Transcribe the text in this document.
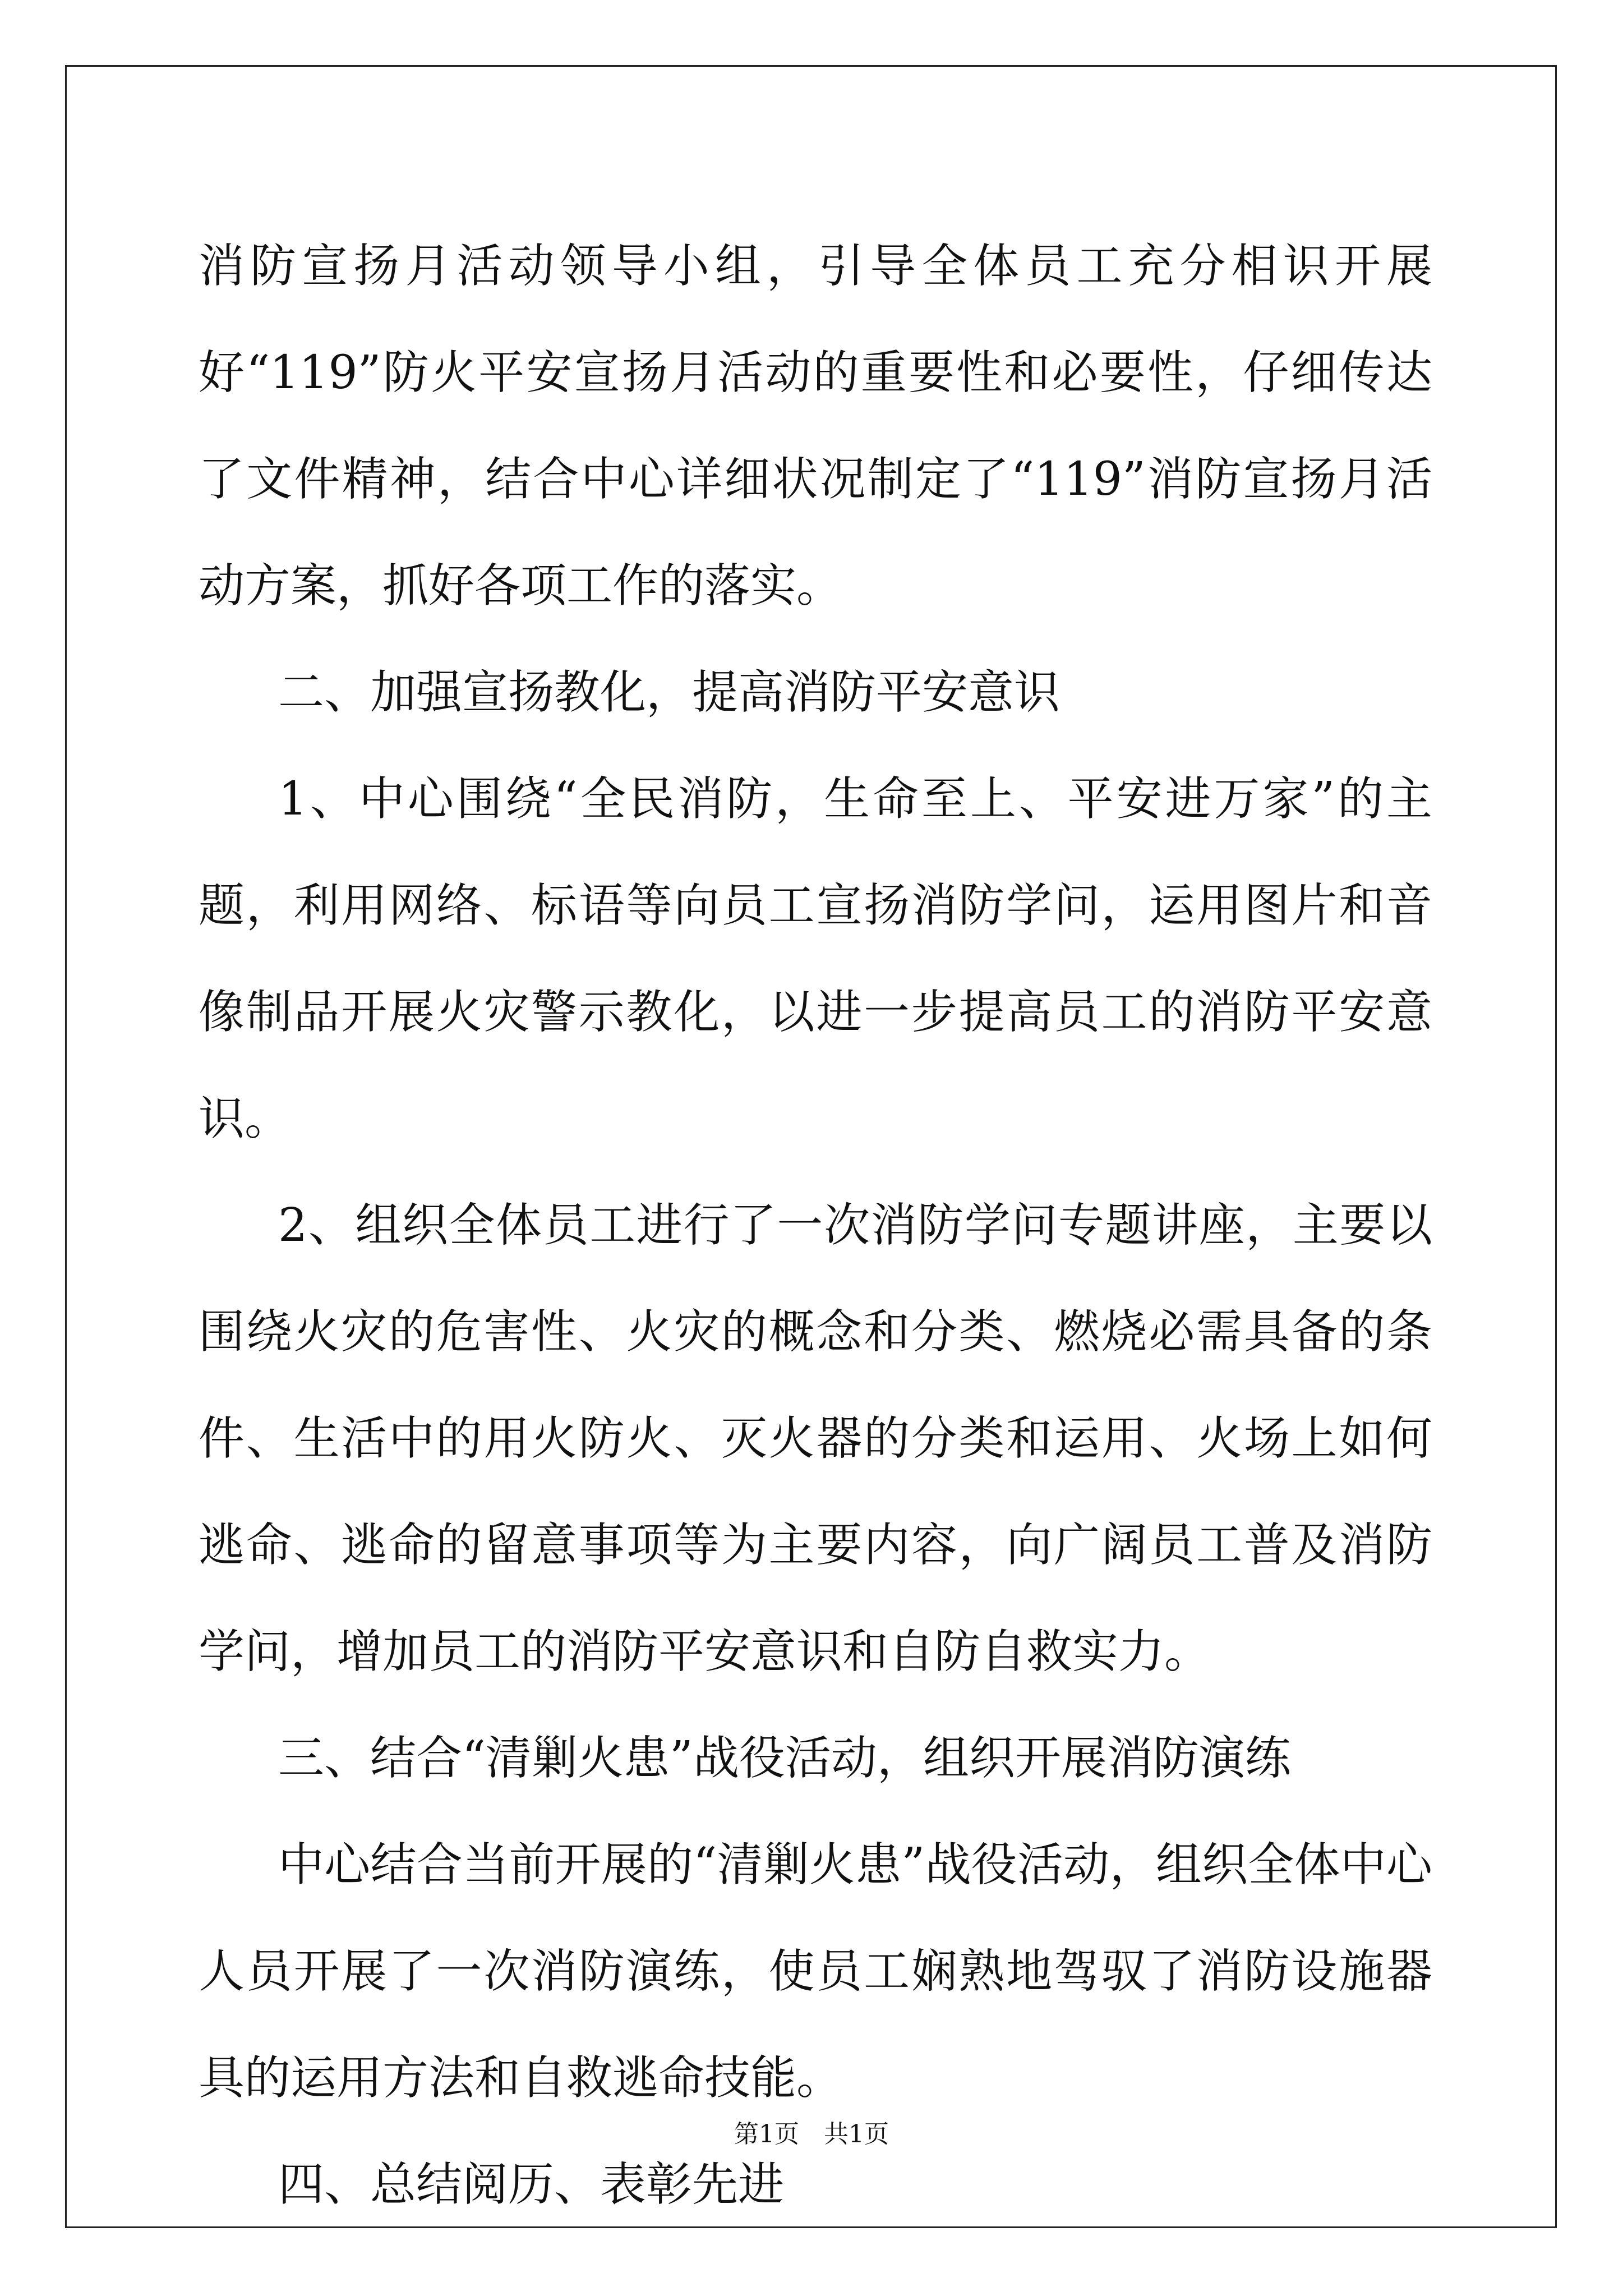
消防宣扬月活动领导小组，引导全体员工充分相识开展好“119”防火平安宣扬月活动的重要性和必要性，仔细传达了文件精神，结合中心详细状况制定了“119”消防宣扬月活动方案，抓好各项工作的落实。

二、加强宣扬教化，提高消防平安意识

1、中心围绕“全民消防，生命至上、平安进万家”的主题，利用网络、标语等向员工宣扬消防学问，运用图片和音像制品开展火灾警示教化，以进一步提高员工的消防平安意识。

2、组织全体员工进行了一次消防学问专题讲座，主要以围绕火灾的危害性、火灾的概念和分类、燃烧必需具备的条件、生活中的用火防火、灭火器的分类和运用、火场上如何逃命、逃命的留意事项等为主要内容，向广阔员工普及消防学问，增加员工的消防平安意识和自防自救实力。

三、结合“清剿火患”战役活动，组织开展消防演练

中心结合当前开展的“清剿火患”战役活动，组织全体中心人员开展了一次消防演练，使员工娴熟地驾驭了消防设施器具的运用方法和自救逃命技能。

四、总结阅历、表彰先进

第1页　共1页
